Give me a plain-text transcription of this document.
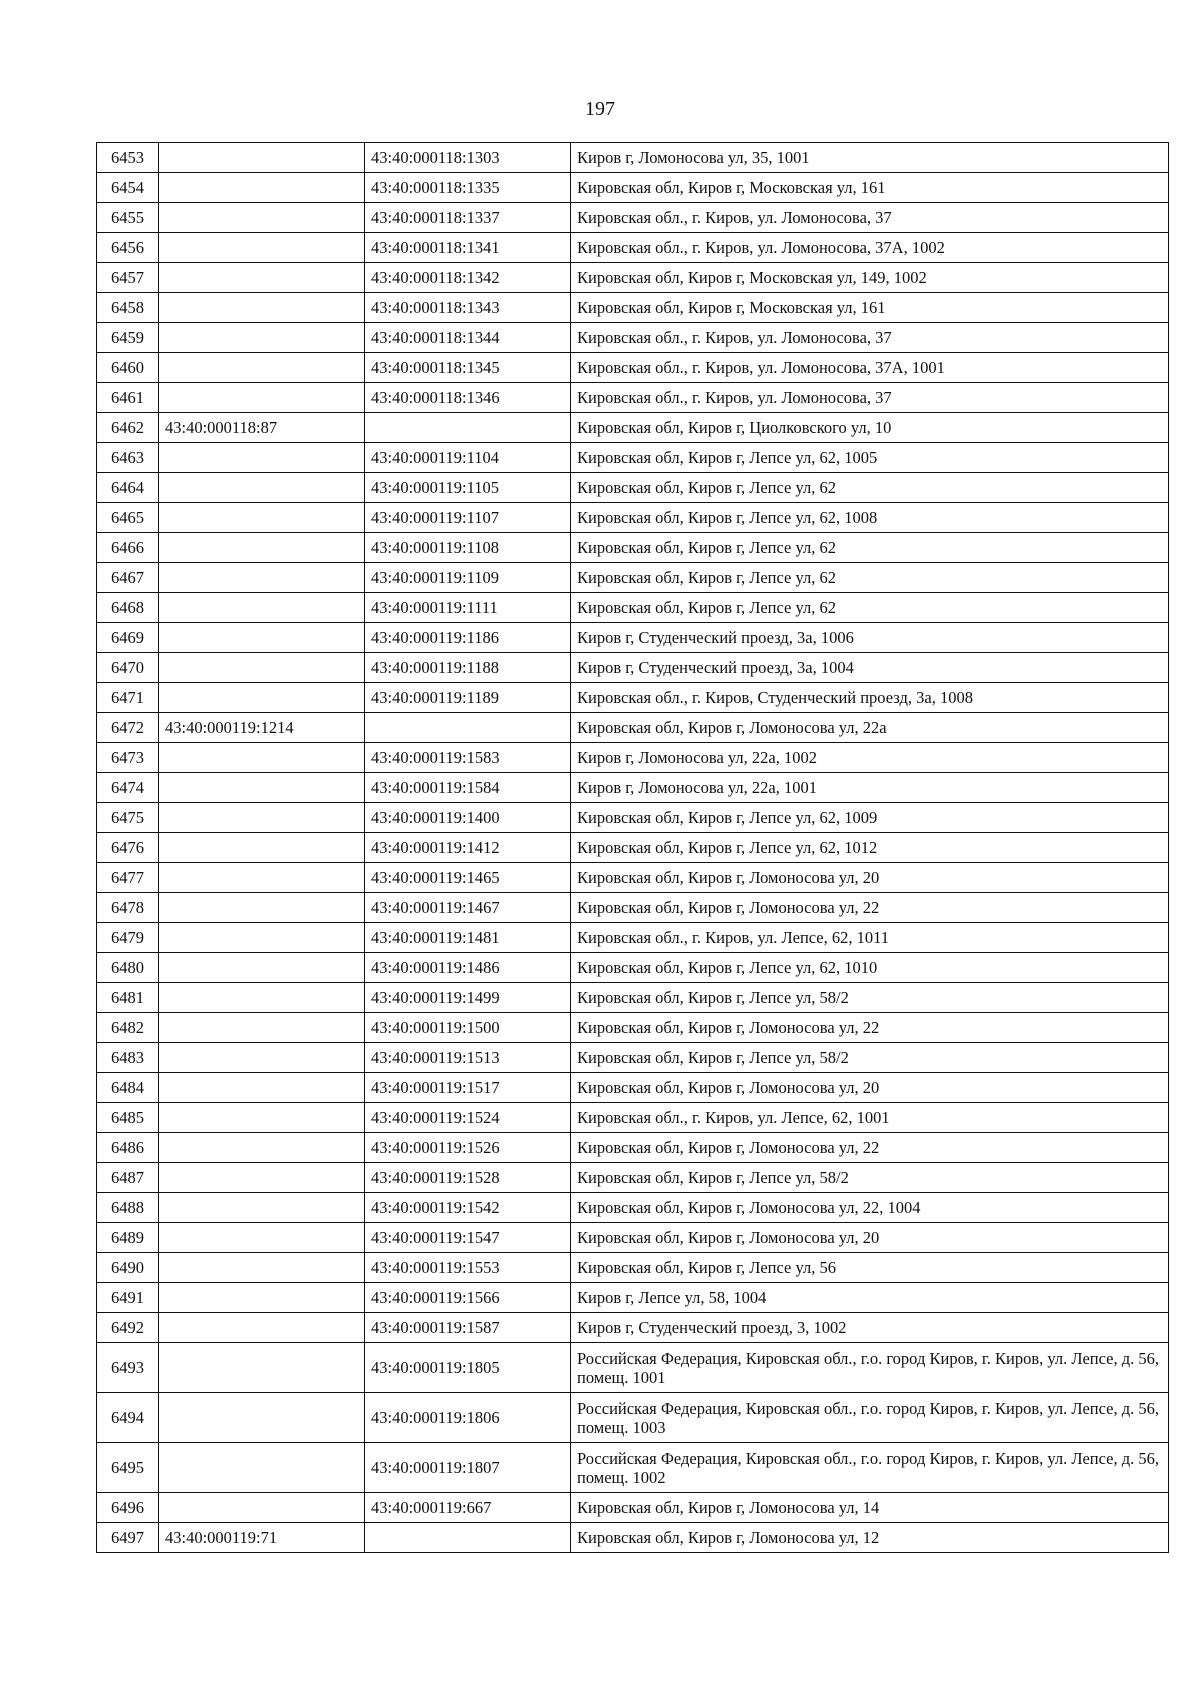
197
6453		43:40:000118:1303	Киров г, Ломоносова ул, 35, 1001
6454		43:40:000118:1335	Кировская обл, Киров г, Московская ул, 161
6455		43:40:000118:1337	Кировская обл., г. Киров, ул. Ломоносова, 37
6456		43:40:000118:1341	Кировская обл., г. Киров, ул. Ломоносова, 37А, 1002
6457		43:40:000118:1342	Кировская обл, Киров г, Московская ул, 149, 1002
6458		43:40:000118:1343	Кировская обл, Киров г, Московская ул, 161
6459		43:40:000118:1344	Кировская обл., г. Киров, ул. Ломоносова, 37
6460		43:40:000118:1345	Кировская обл., г. Киров, ул. Ломоносова, 37А, 1001
6461		43:40:000118:1346	Кировская обл., г. Киров, ул. Ломоносова, 37
6462	43:40:000118:87		Кировская обл, Киров г, Циолковского ул, 10
6463		43:40:000119:1104	Кировская обл, Киров г, Лепсе ул, 62, 1005
6464		43:40:000119:1105	Кировская обл, Киров г, Лепсе ул, 62
6465		43:40:000119:1107	Кировская обл, Киров г, Лепсе ул, 62, 1008
6466		43:40:000119:1108	Кировская обл, Киров г, Лепсе ул, 62
6467		43:40:000119:1109	Кировская обл, Киров г, Лепсе ул, 62
6468		43:40:000119:1111	Кировская обл, Киров г, Лепсе ул, 62
6469		43:40:000119:1186	Киров г, Студенческий проезд, 3а, 1006
6470		43:40:000119:1188	Киров г, Студенческий проезд, 3а, 1004
6471		43:40:000119:1189	Кировская обл., г. Киров, Студенческий проезд, 3а, 1008
6472	43:40:000119:1214		Кировская обл, Киров г, Ломоносова ул, 22а
6473		43:40:000119:1583	Киров г, Ломоносова ул, 22а, 1002
6474		43:40:000119:1584	Киров г, Ломоносова ул, 22а, 1001
6475		43:40:000119:1400	Кировская обл, Киров г, Лепсе ул, 62, 1009
6476		43:40:000119:1412	Кировская обл, Киров г, Лепсе ул, 62, 1012
6477		43:40:000119:1465	Кировская обл, Киров г, Ломоносова ул, 20
6478		43:40:000119:1467	Кировская обл, Киров г, Ломоносова ул, 22
6479		43:40:000119:1481	Кировская обл., г. Киров, ул. Лепсе, 62, 1011
6480		43:40:000119:1486	Кировская обл, Киров г, Лепсе ул, 62, 1010
6481		43:40:000119:1499	Кировская обл, Киров г, Лепсе ул, 58/2
6482		43:40:000119:1500	Кировская обл, Киров г, Ломоносова ул, 22
6483		43:40:000119:1513	Кировская обл, Киров г, Лепсе ул, 58/2
6484		43:40:000119:1517	Кировская обл, Киров г, Ломоносова ул, 20
6485		43:40:000119:1524	Кировская обл., г. Киров, ул. Лепсе, 62, 1001
6486		43:40:000119:1526	Кировская обл, Киров г, Ломоносова ул, 22
6487		43:40:000119:1528	Кировская обл, Киров г, Лепсе ул, 58/2
6488		43:40:000119:1542	Кировская обл, Киров г, Ломоносова ул, 22, 1004
6489		43:40:000119:1547	Кировская обл, Киров г, Ломоносова ул, 20
6490		43:40:000119:1553	Кировская обл, Киров г, Лепсе ул, 56
6491		43:40:000119:1566	Киров г, Лепсе ул, 58, 1004
6492		43:40:000119:1587	Киров г, Студенческий проезд, 3, 1002
6493		43:40:000119:1805	Российская Федерация, Кировская обл., г.о. город Киров, г. Киров, ул. Лепсе, д. 56, помещ. 1001
6494		43:40:000119:1806	Российская Федерация, Кировская обл., г.о. город Киров, г. Киров, ул. Лепсе, д. 56, помещ. 1003
6495		43:40:000119:1807	Российская Федерация, Кировская обл., г.о. город Киров, г. Киров, ул. Лепсе, д. 56, помещ. 1002
6496		43:40:000119:667	Кировская обл, Киров г, Ломоносова ул, 14
6497	43:40:000119:71		Кировская обл, Киров г, Ломоносова ул, 12
